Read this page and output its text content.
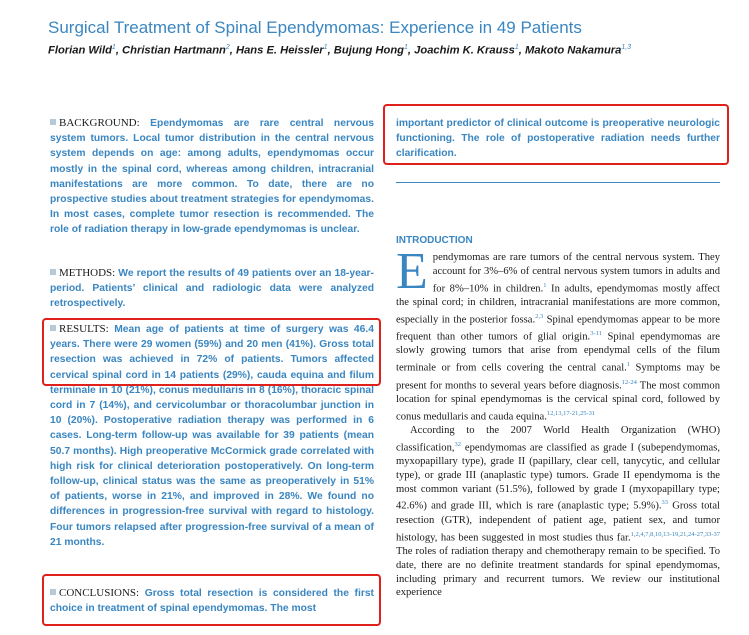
Surgical Treatment of Spinal Ependymomas: Experience in 49 Patients
Florian Wild$^1$, Christian Hartmann$^2$, Hans E. Heissler$^1$, Bujung Hong$^1$, Joachim K. Krauss$^1$, Makoto Nakamura$^{1,3}$
BACKGROUND: Ependymomas are rare central nervous system tumors. Local tumor distribution in the central nervous system depends on age: among adults, ependymomas occur mostly in the spinal cord, whereas among children, intracranial manifestations are more common. To date, there are no prospective studies about treatment strategies for ependymomas. In most cases, complete tumor resection is recommended. The role of radiation therapy in low-grade ependymomas is unclear.
METHODS: We report the results of 49 patients over an 18-year-period. Patients’ clinical and radiologic data were analyzed retrospectively.
RESULTS: Mean age of patients at time of surgery was 46.4 years. There were 29 women (59%) and 20 men (41%). Gross total resection was achieved in 72% of patients. Tumors affected cervical spinal cord in 14 patients (29%), cauda equina and filum terminale in 10 (21%), conus medullaris in 8 (16%), thoracic spinal cord in 7 (14%), and cervicolumbar or thoracolumbar junction in 10 (20%). Postoperative radiation therapy was performed in 6 cases. Long-term follow-up was available for 39 patients (mean 50.7 months). High preoperative McCormick grade correlated with high risk for clinical deterioration postoperatively. On long-term follow-up, clinical status was the same as preoperatively in 51% of patients, worse in 21%, and improved in 28%. We found no differences in progression-free survival with regard to histology. Four tumors relapsed after progression-free survival of a mean of 21 months.
CONCLUSIONS: Gross total resection is considered the first choice in treatment of spinal ependymomas. The most
important predictor of clinical outcome is preoperative neurologic functioning. The role of postoperative radiation needs further clarification.
INTRODUCTION

Ependymomas are rare tumors of the central nervous system. They account for 3%–6% of central nervous system tumors in adults and for 8%–10% in children.$^1$ In adults, ependymomas mostly affect the spinal cord; in children, intracranial manifestations are more common, especially in the posterior fossa.$^{2,3}$ Spinal ependymomas appear to be more frequent than other tumors of glial origin.$^{3-11}$ Spinal ependymomas are slowly growing tumors that arise from ependymal cells of the filum terminale or from cells covering the central canal.$^1$ Symptoms may be present for months to several years before diagnosis.$^{12-24}$ The most common location for spinal ependymomas is the cervical spinal cord, followed by conus medullaris and cauda equina.$^{12,13,17-21,25-31}$

According to the 2007 World Health Organization (WHO) classification,$^{32}$ ependymomas are classified as grade I (subependymomas, myxopapillary type), grade II (papillary, clear cell, tanycytic, and cellular type), or grade III (anaplastic type) tumors. Grade II ependymoma is the most common variant (51.5%), followed by grade I (myxopapillary type; 42.6%) and grade III, which is rare (anaplastic type; 5.9%).$^{33}$ Gross total resection (GTR), independent of patient age, patient sex, and tumor histology, has been suggested in most studies thus far.$^{1,2,4,7,8,10,13-19,21,24-27,33-37}$ The roles of radiation therapy and chemotherapy remain to be specified. To date, there are no definite treatment standards for spinal ependymomas, including primary and recurrent tumors. We review our institutional experience
